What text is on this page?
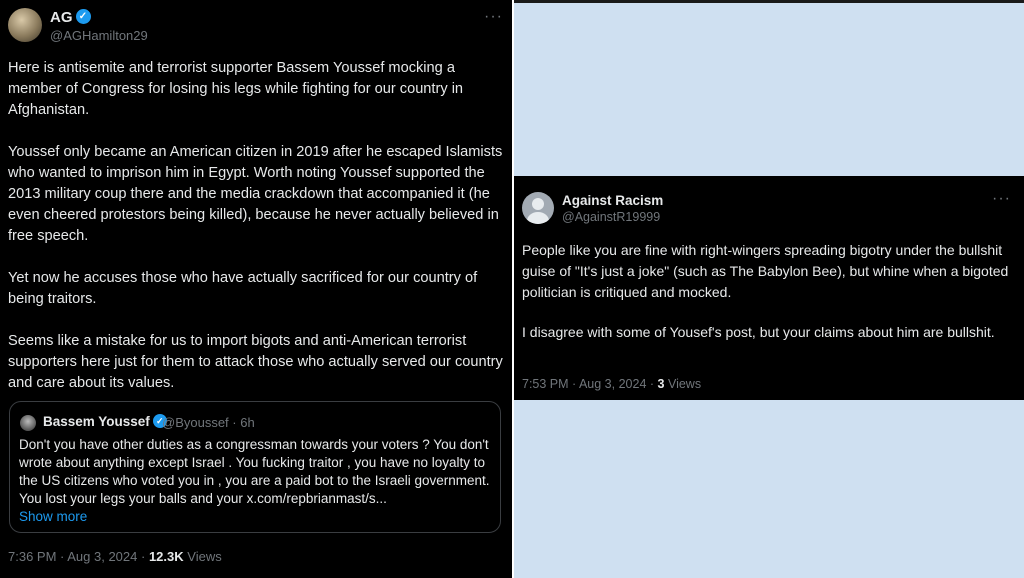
AG ✓
@AGHamilton29
···

Here is antisemite and terrorist supporter Bassem Youssef mocking a member of Congress for losing his legs while fighting for our country in Afghanistan.

Youssef only became an American citizen in 2019 after he escaped Islamists who wanted to imprison him in Egypt. Worth noting Youssef supported the 2013 military coup there and the media crackdown that accompanied it (he even cheered protestors being killed), because he never actually believed in free speech.

Yet now he accuses those who have actually sacrificed for our country of being traitors.

Seems like a mistake for us to import bigots and anti-American terrorist supporters here just for them to attack those who actually served our country and care about its values.

Bassem Youssef ✓
@Byoussef · 6h
Don't you have other duties as a congressman towards your voters ? You don't wrote about anything except Israel . You fucking traitor , you have no loyalty to the US citizens who voted you in , you are a paid bot to the Israeli government. You lost your legs your balls and your x.com/repbrianmast/s...
Show more
7:36 PM · Aug 3, 2024 · 12.3K Views
Against Racism
@AgainstR19999
···

People like you are fine with right-wingers spreading bigotry under the bullshit guise of "It's just a joke" (such as The Babylon Bee), but whine when a bigoted politician is critiqued and mocked.

I disagree with some of Yousef's post, but your claims about him are bullshit.

7:53 PM · Aug 3, 2024 · 3 Views
